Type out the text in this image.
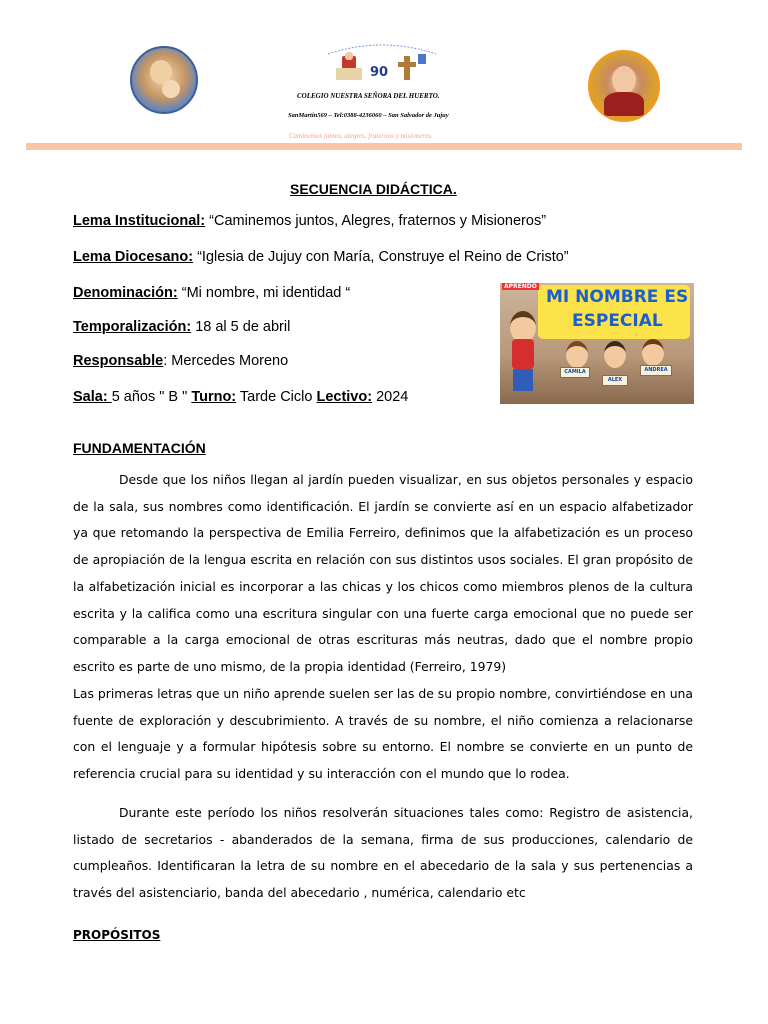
90
COLEGIO NUESTRA SEÑORA DEL HUERTO.
SanMartin569 – Tel:0388-4236060 – San Salvador de Jujuy
Caminemos juntos, alegres, fraternos y misioneros.
SECUENCIA DIDÁCTICA.
Lema Institucional: “Caminemos juntos, Alegres, fraternos y Misioneros”
Lema Diocesano: “Iglesia de Jujuy con María, Construye el Reino de Cristo”
Denominación: “Mi nombre, mi identidad “
Temporalización: 18 al 5 de abril
Responsable: Mercedes Moreno
Sala: 5 años " B " Turno: Tarde Ciclo Lectivo: 2024
APRENDO
MI NOMBRE ES
ESPECIAL
CAMILA
ALEX
ANDREA
FUNDAMENTACIÓN
Desde que los niños llegan al jardín pueden visualizar, en sus objetos personales y espacio de la sala, sus nombres como identificación. El jardín se convierte así en un espacio alfabetizador ya que retomando la perspectiva de Emilia Ferreiro, definimos que la alfabetización es un proceso de apropiación de la lengua escrita en relación con sus distintos usos sociales. El gran propósito de la alfabetización inicial es incorporar a las chicas y los chicos como miembros plenos de la cultura escrita y la califica como una escritura singular con una fuerte carga emocional que no puede ser comparable a la carga emocional de otras escrituras más neutras, dado que el nombre propio escrito es parte de uno mismo, de la propia identidad (Ferreiro, 1979)
Las primeras letras que un niño aprende suelen ser las de su propio nombre, convirtiéndose en una fuente de exploración y descubrimiento. A través de su nombre, el niño comienza a relacionarse con el lenguaje y a formular hipótesis sobre su entorno. El nombre se convierte en un punto de referencia crucial para su identidad y su interacción con el mundo que lo rodea.
Durante este período los niños resolverán situaciones tales como: Registro de asistencia, listado de secretarios - abanderados de la semana, firma de sus producciones, calendario de cumpleaños. Identificaran la letra de su nombre en el abecedario de la sala y sus pertenencias a través del asistenciario, banda del abecedario , numérica, calendario etc
PROPÓSITOS
